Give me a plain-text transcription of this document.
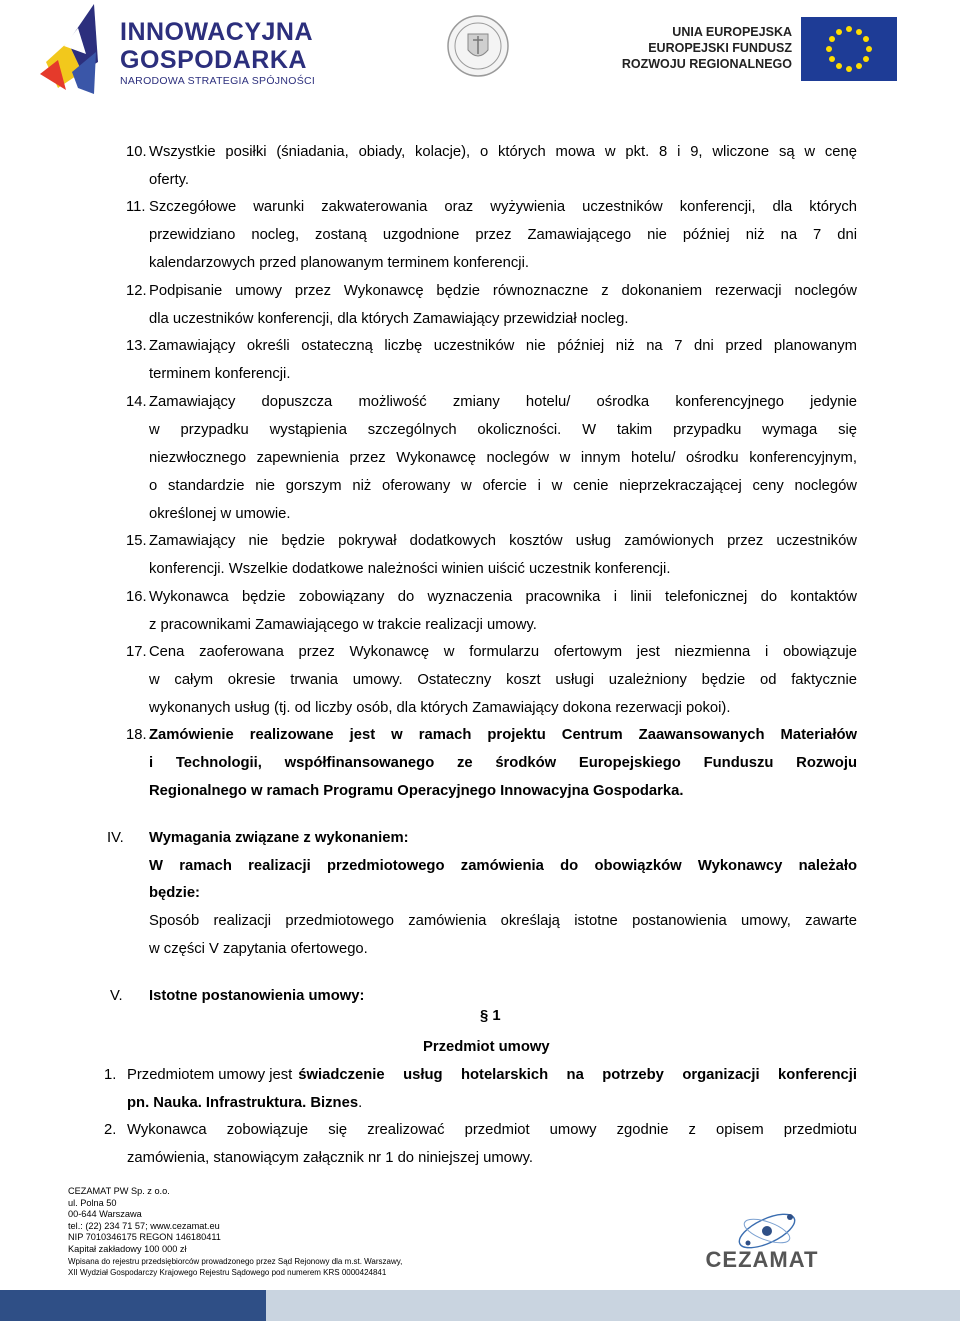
INNOWACYJNA
GOSPODARKA
NARODOWA STRATEGIA SPÓJNOŚCI
UNIA EUROPEJSKA
EUROPEJSKI FUNDUSZ
ROZWOJU REGIONALNEGO
10. Wszystkie posiłki (śniadania, obiady, kolacje), o których mowa w pkt. 8 i 9, wliczone są w cenę
oferty.
11. Szczegółowe warunki zakwaterowania oraz wyżywienia uczestników konferencji, dla których
przewidziano nocleg, zostaną uzgodnione przez Zamawiającego nie później niż na 7 dni
kalendarzowych przed planowanym terminem konferencji.
12. Podpisanie umowy przez Wykonawcę będzie równoznaczne z dokonaniem rezerwacji noclegów
dla uczestników konferencji, dla których Zamawiający przewidział nocleg.
13. Zamawiający określi ostateczną liczbę uczestników nie później niż na 7 dni przed planowanym
terminem konferencji.
14. Zamawiający dopuszcza możliwość zmiany hotelu/ ośrodka konferencyjnego jedynie
w przypadku wystąpienia szczególnych okoliczności. W takim przypadku wymaga się
niezwłocznego zapewnienia przez Wykonawcę noclegów w innym hotelu/ ośrodku konferencyjnym,
o standardzie nie gorszym niż oferowany w ofercie i w cenie nieprzekraczającej ceny noclegów
określonej w umowie.
15. Zamawiający nie będzie pokrywał dodatkowych kosztów usług zamówionych przez uczestników
konferencji. Wszelkie dodatkowe należności winien uiścić uczestnik konferencji.
16. Wykonawca będzie zobowiązany do wyznaczenia pracownika i linii telefonicznej do kontaktów
z pracownikami Zamawiającego w trakcie realizacji umowy.
17. Cena zaoferowana przez Wykonawcę w formularzu ofertowym jest niezmienna i obowiązuje
w całym okresie trwania umowy. Ostateczny koszt usługi uzależniony będzie od faktycznie
wykonanych usług (tj. od liczby osób, dla których Zamawiający dokona rezerwacji pokoi).
18. Zamówienie realizowane jest w ramach projektu Centrum Zaawansowanych Materiałów
i Technologii, współfinansowanego ze środków Europejskiego Funduszu Rozwoju
Regionalnego w ramach Programu Operacyjnego Innowacyjna Gospodarka.
IV. Wymagania związane z wykonaniem:
W ramach realizacji przedmiotowego zamówienia do obowiązków Wykonawcy należało
będzie:
Sposób realizacji przedmiotowego zamówienia określają istotne postanowienia umowy, zawarte
w części V zapytania ofertowego.
V. Istotne postanowienia umowy:
§ 1
Przedmiot umowy
1. Przedmiotem umowy jest świadczenie usług hotelarskich na potrzeby organizacji konferencji
pn. Nauka. Infrastruktura. Biznes.
2. Wykonawca zobowiązuje się zrealizować przedmiot umowy zgodnie z opisem przedmiotu
zamówienia, stanowiącym załącznik nr 1 do niniejszej umowy.
CEZAMAT PW Sp. z o.o.
ul. Polna 50
00-644 Warszawa
tel.: (22) 234 71 57; www.cezamat.eu
NIP 7010346175 REGON 146180411
Kapitał zakładowy 100 000 zł
Wpisana do rejestru przedsiębiorców prowadzonego przez Sąd Rejonowy dla m.st. Warszawy,
XII Wydział Gospodarczy Krajowego Rejestru Sądowego pod numerem KRS 0000424841
CEZAMAT
